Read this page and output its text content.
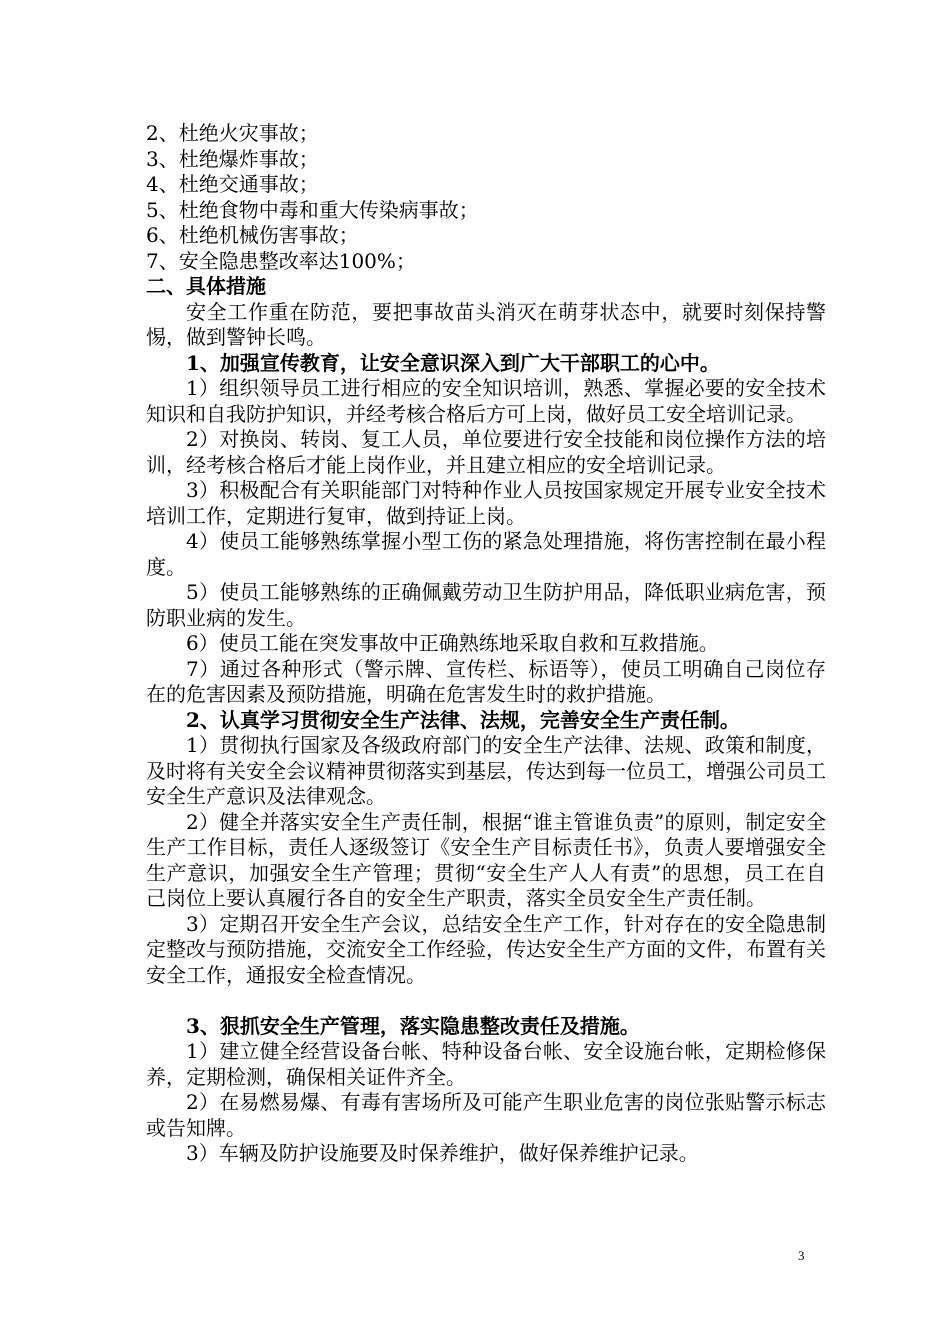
2、杜绝火灾事故；

3、杜绝爆炸事故；

4、杜绝交通事故；

5、杜绝食物中毒和重大传染病事故；

6、杜绝机械伤害事故；

7、安全隐患整改率达100%；

二、具体措施

安全工作重在防范，要把事故苗头消灭在萌芽状态中，就要时刻保持警惕，做到警钟长鸣。

1、加强宣传教育，让安全意识深入到广大干部职工的心中。

1）组织领导员工进行相应的安全知识培训，熟悉、掌握必要的安全技术知识和自我防护知识，并经考核合格后方可上岗，做好员工安全培训记录。

2）对换岗、转岗、复工人员，单位要进行安全技能和岗位操作方法的培训，经考核合格后才能上岗作业，并且建立相应的安全培训记录。

3）积极配合有关职能部门对特种作业人员按国家规定开展专业安全技术培训工作，定期进行复审，做到持证上岗。

4）使员工能够熟练掌握小型工伤的紧急处理措施，将伤害控制在最小程度。

5）使员工能够熟练的正确佩戴劳动卫生防护用品，降低职业病危害，预防职业病的发生。

6）使员工能在突发事故中正确熟练地采取自救和互救措施。

7）通过各种形式（警示牌、宣传栏、标语等），使员工明确自己岗位存在的危害因素及预防措施，明确在危害发生时的救护措施。

2、认真学习贯彻安全生产法律、法规，完善安全生产责任制。

1）贯彻执行国家及各级政府部门的安全生产法律、法规、政策和制度，及时将有关安全会议精神贯彻落实到基层，传达到每一位员工，增强公司员工安全生产意识及法律观念。

2）健全并落实安全生产责任制，根据“谁主管谁负责”的原则，制定安全生产工作目标，责任人逐级签订《安全生产目标责任书》，负责人要增强安全生产意识，加强安全生产管理；贯彻“安全生产人人有责”的思想，员工在自己岗位上要认真履行各自的安全生产职责，落实全员安全生产责任制。

3）定期召开安全生产会议，总结安全生产工作，针对存在的安全隐患制定整改与预防措施，交流安全工作经验，传达安全生产方面的文件，布置有关安全工作，通报安全检查情况。

3、狠抓安全生产管理，落实隐患整改责任及措施。

1）建立健全经营设备台帐、特种设备台帐、安全设施台帐，定期检修保养，定期检测，确保相关证件齐全。

2）在易燃易爆、有毒有害场所及可能产生职业危害的岗位张贴警示标志或告知牌。

3）车辆及防护设施要及时保养维护，做好保养维护记录。

3
